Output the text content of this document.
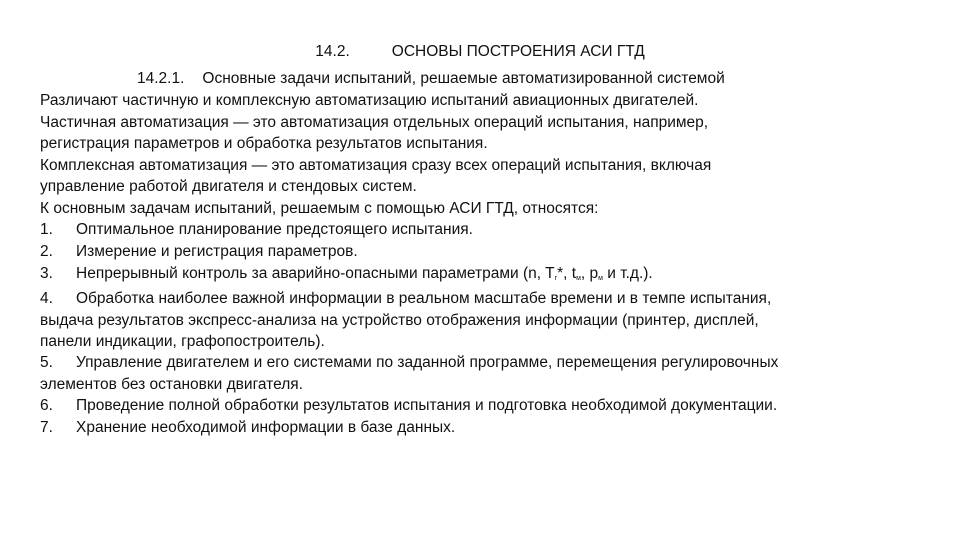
14.2.	ОСНОВЫ ПОСТРОЕНИЯ АСИ ГТД
14.2.1. Основные задачи испытаний, решаемые автоматизированной системой
Различают частичную и комплексную автоматизацию испытаний авиационных двигателей.
Частичная автоматизация — это автоматизация отдельных операций испытания, например,
регистрация параметров и обработка результатов испытания.
Комплексная автоматизация — это автоматизация сразу всех операций испытания, включая
управление работой двигателя и стендовых систем.
К основным задачам испытаний, решаемым с помощью АСИ ГТД, относятся:
1. Оптимальное планирование предстоящего испытания.
2. Измерение и регистрация параметров.
3. Непрерывный контроль за аварийно-опасными параметрами (n, $T_г*$, $t_м$, $p_м$ и т.д.).
4. Обработка наиболее важной информации в реальном масштабе времени и в темпе испытания,
выдача результатов экспресс-анализа на устройство отображения информации (принтер, дисплей,
панели индикации, графопостроитель).
5. Управление двигателем и его системами по заданной программе, перемещения регулировочных
элементов без остановки двигателя.
6. Проведение полной обработки результатов испытания и подготовка необходимой документации.
7. Хранение необходимой информации в базе данных.
